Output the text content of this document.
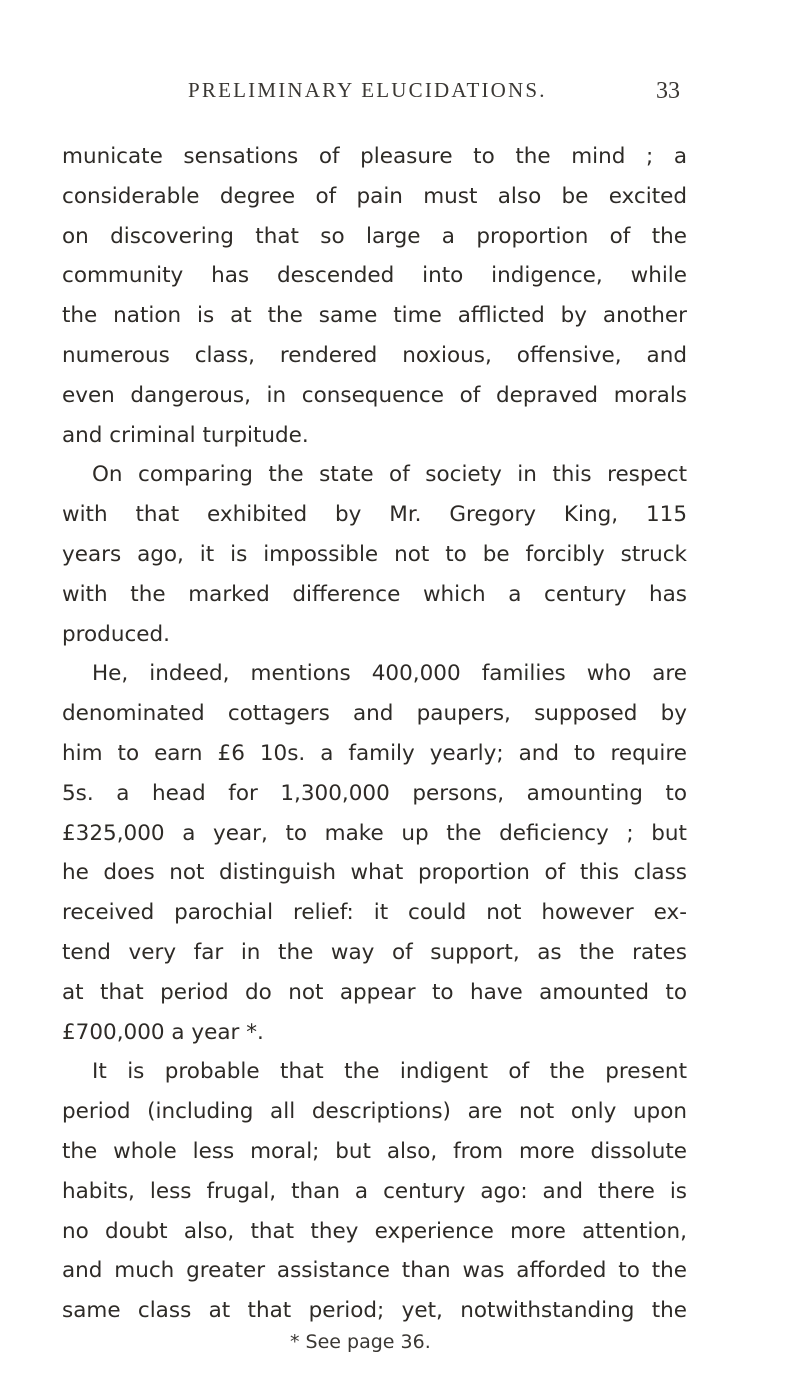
PRELIMINARY ELUCIDATIONS.	33
municate sensations of pleasure to the mind ; a
considerable degree of pain must also be excited
on discovering that so large a proportion of the
community has descended into indigence, while
the nation is at the same time afflicted by another
numerous class, rendered noxious, offensive, and
even dangerous, in consequence of depraved morals
and criminal turpitude.
On comparing the state of society in this respect
with that exhibited by Mr. Gregory King, 115
years ago, it is impossible not to be forcibly struck
with the marked difference which a century has
produced.
He, indeed, mentions 400,000 families who are
denominated cottagers and paupers, supposed by
him to earn £6 10s. a family yearly; and to require
5s. a head for 1,300,000 persons, amounting to
£325,000 a year, to make up the deficiency ; but
he does not distinguish what proportion of this class
received parochial relief: it could not however ex-
tend very far in the way of support, as the rates
at that period do not appear to have amounted to
£700,000 a year *.
It is probable that the indigent of the present
period (including all descriptions) are not only upon
the whole less moral; but also, from more dissolute
habits, less frugal, than a century ago: and there is
no doubt also, that they experience more attention,
and much greater assistance than was afforded to the
same class at that period; yet, notwithstanding the
* See page 36.
